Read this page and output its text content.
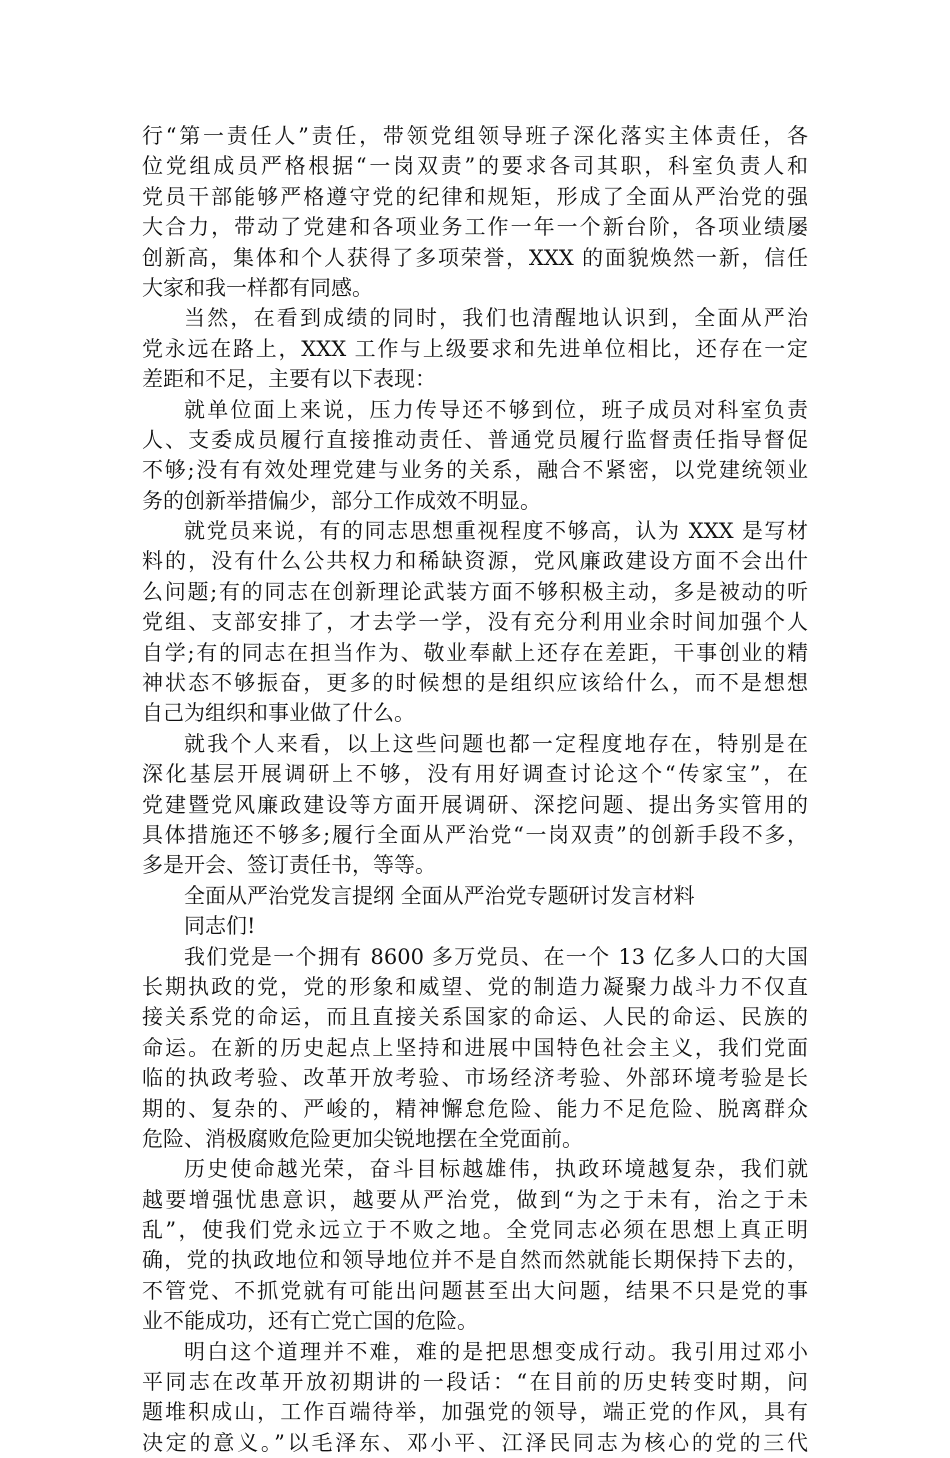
行“第一责任人”责任，带领党组领导班子深化落实主体责任，各
位党组成员严格根据“一岗双责”的要求各司其职，科室负责人和
党员干部能够严格遵守党的纪律和规矩，形成了全面从严治党的强
大合力，带动了党建和各项业务工作一年一个新台阶，各项业绩屡
创新高，集体和个人获得了多项荣誉，XXX 的面貌焕然一新，信任
大家和我一样都有同感。
当然，在看到成绩的同时，我们也清醒地认识到，全面从严治
党永远在路上，XXX 工作与上级要求和先进单位相比，还存在一定
差距和不足，主要有以下表现：
就单位面上来说，压力传导还不够到位，班子成员对科室负责
人、支委成员履行直接推动责任、普通党员履行监督责任指导督促
不够;没有有效处理党建与业务的关系，融合不紧密，以党建统领业
务的创新举措偏少，部分工作成效不明显。
就党员来说，有的同志思想重视程度不够高，认为 XXX 是写材
料的，没有什么公共权力和稀缺资源，党风廉政建设方面不会出什
么问题;有的同志在创新理论武装方面不够积极主动，多是被动的听
党组、支部安排了，才去学一学，没有充分利用业余时间加强个人
自学;有的同志在担当作为、敬业奉献上还存在差距，干事创业的精
神状态不够振奋，更多的时候想的是组织应该给什么，而不是想想
自己为组织和事业做了什么。
就我个人来看，以上这些问题也都一定程度地存在，特别是在
深化基层开展调研上不够，没有用好调查讨论这个“传家宝”，在
党建暨党风廉政建设等方面开展调研、深挖问题、提出务实管用的
具体措施还不够多;履行全面从严治党“一岗双责”的创新手段不多，
多是开会、签订责任书，等等。
全面从严治党发言提纲 全面从严治党专题研讨发言材料
同志们!
我们党是一个拥有 8600 多万党员、在一个 13 亿多人口的大国
长期执政的党，党的形象和威望、党的制造力凝聚力战斗力不仅直
接关系党的命运，而且直接关系国家的命运、人民的命运、民族的
命运。在新的历史起点上坚持和进展中国特色社会主义，我们党面
临的执政考验、改革开放考验、市场经济考验、外部环境考验是长
期的、复杂的、严峻的，精神懈怠危险、能力不足危险、脱离群众
危险、消极腐败危险更加尖锐地摆在全党面前。
历史使命越光荣，奋斗目标越雄伟，执政环境越复杂，我们就
越要增强忧患意识，越要从严治党，做到“为之于未有，治之于未
乱”，使我们党永远立于不败之地。全党同志必须在思想上真正明
确，党的执政地位和领导地位并不是自然而然就能长期保持下去的，
不管党、不抓党就有可能出问题甚至出大问题，结果不只是党的事
业不能成功，还有亡党亡国的危险。
明白这个道理并不难，难的是把思想变成行动。我引用过邓小
平同志在改革开放初期讲的一段话：“在目前的历史转变时期，问
题堆积成山，工作百端待举，加强党的领导，端正党的作风，具有
决定的意义。”以毛泽东、邓小平、江泽民同志为核心的党的三代
